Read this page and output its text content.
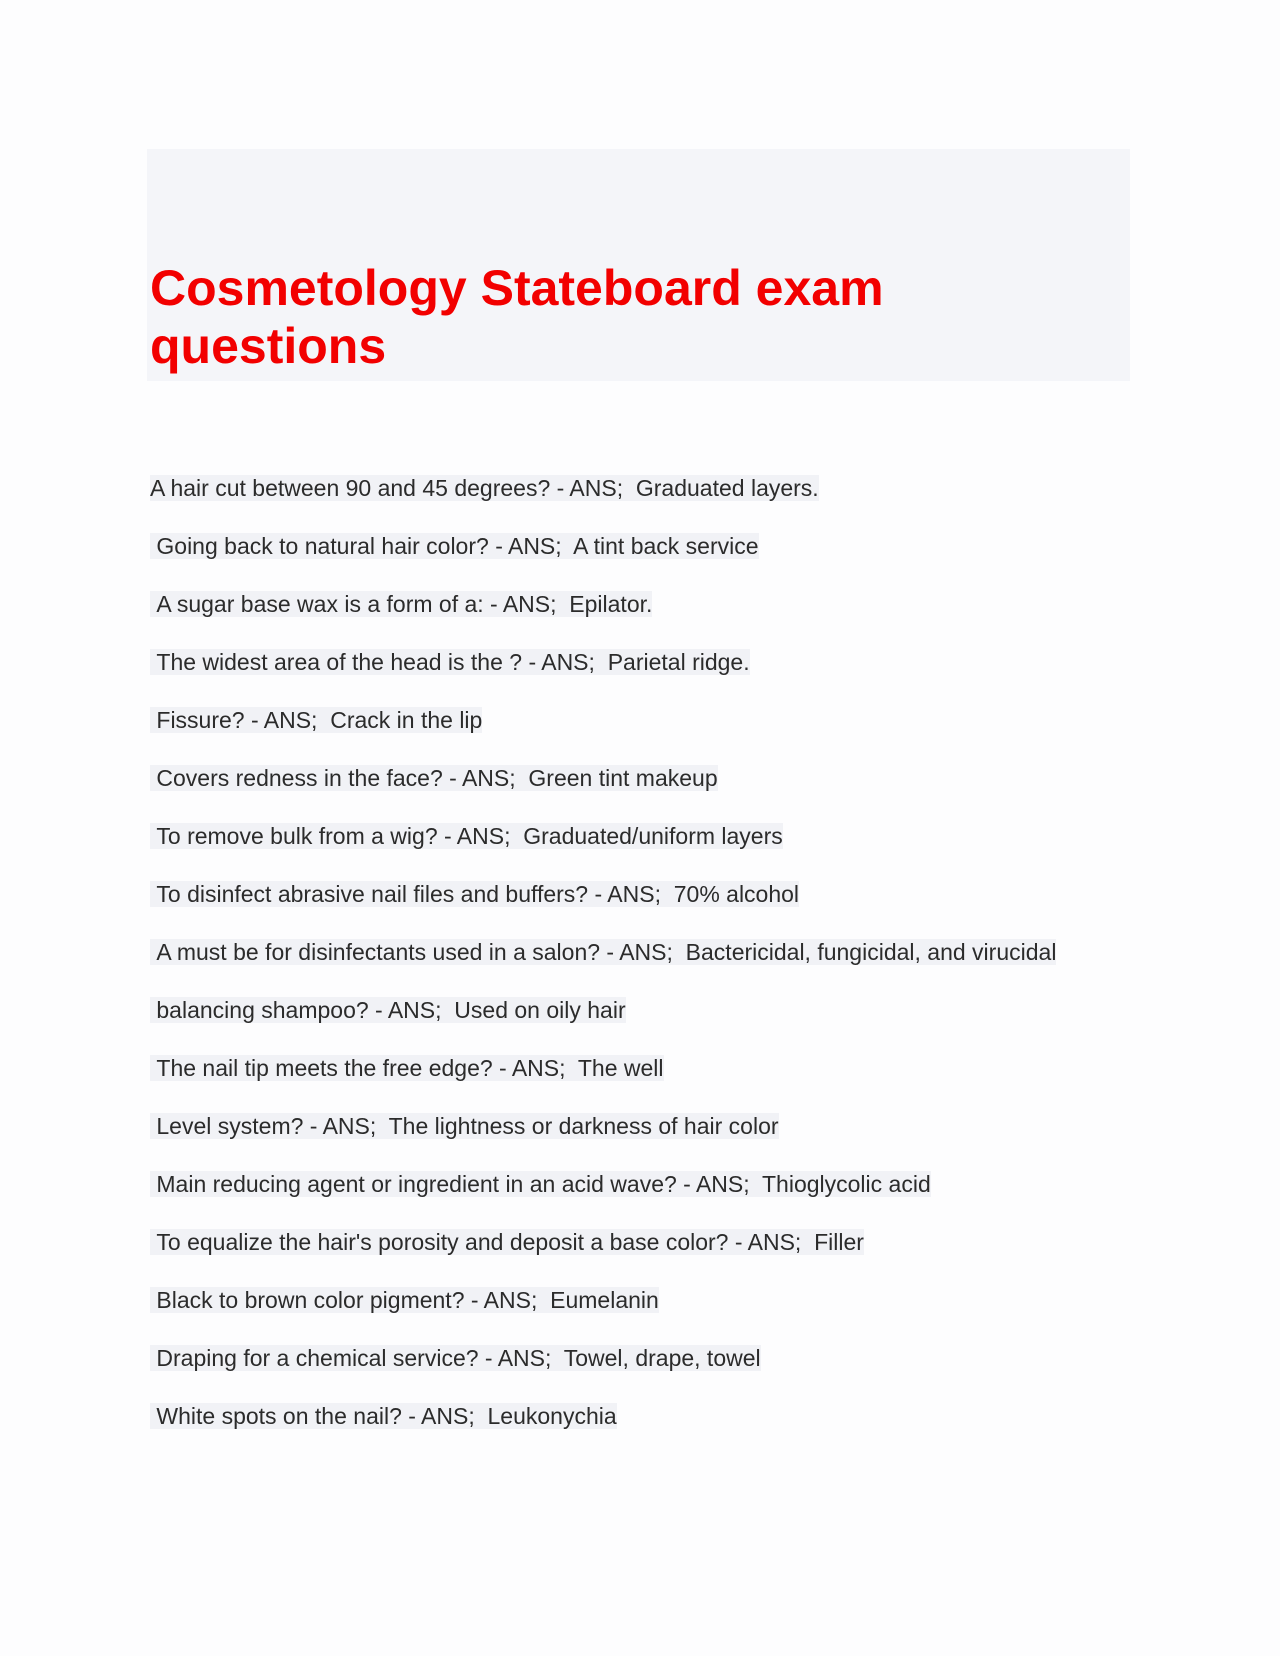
Cosmetology Stateboard exam questions

A hair cut between 90 and 45 degrees? - ANS;  Graduated layers.

Going back to natural hair color? - ANS;  A tint back service

A sugar base wax is a form of a: - ANS;  Epilator.

The widest area of the head is the ? - ANS;  Parietal ridge.

Fissure? - ANS;  Crack in the lip

Covers redness in the face? - ANS;  Green tint makeup

To remove bulk from a wig? - ANS;  Graduated/uniform layers

To disinfect abrasive nail files and buffers? - ANS;  70% alcohol

A must be for disinfectants used in a salon? - ANS;  Bactericidal, fungicidal, and virucidal

balancing shampoo? - ANS;  Used on oily hair

The nail tip meets the free edge? - ANS;  The well

Level system? - ANS;  The lightness or darkness of hair color

Main reducing agent or ingredient in an acid wave? - ANS;  Thioglycolic acid

To equalize the hair's porosity and deposit a base color? - ANS;  Filler

Black to brown color pigment? - ANS;  Eumelanin

Draping for a chemical service? - ANS;  Towel, drape, towel

White spots on the nail? - ANS;  Leukonychia
